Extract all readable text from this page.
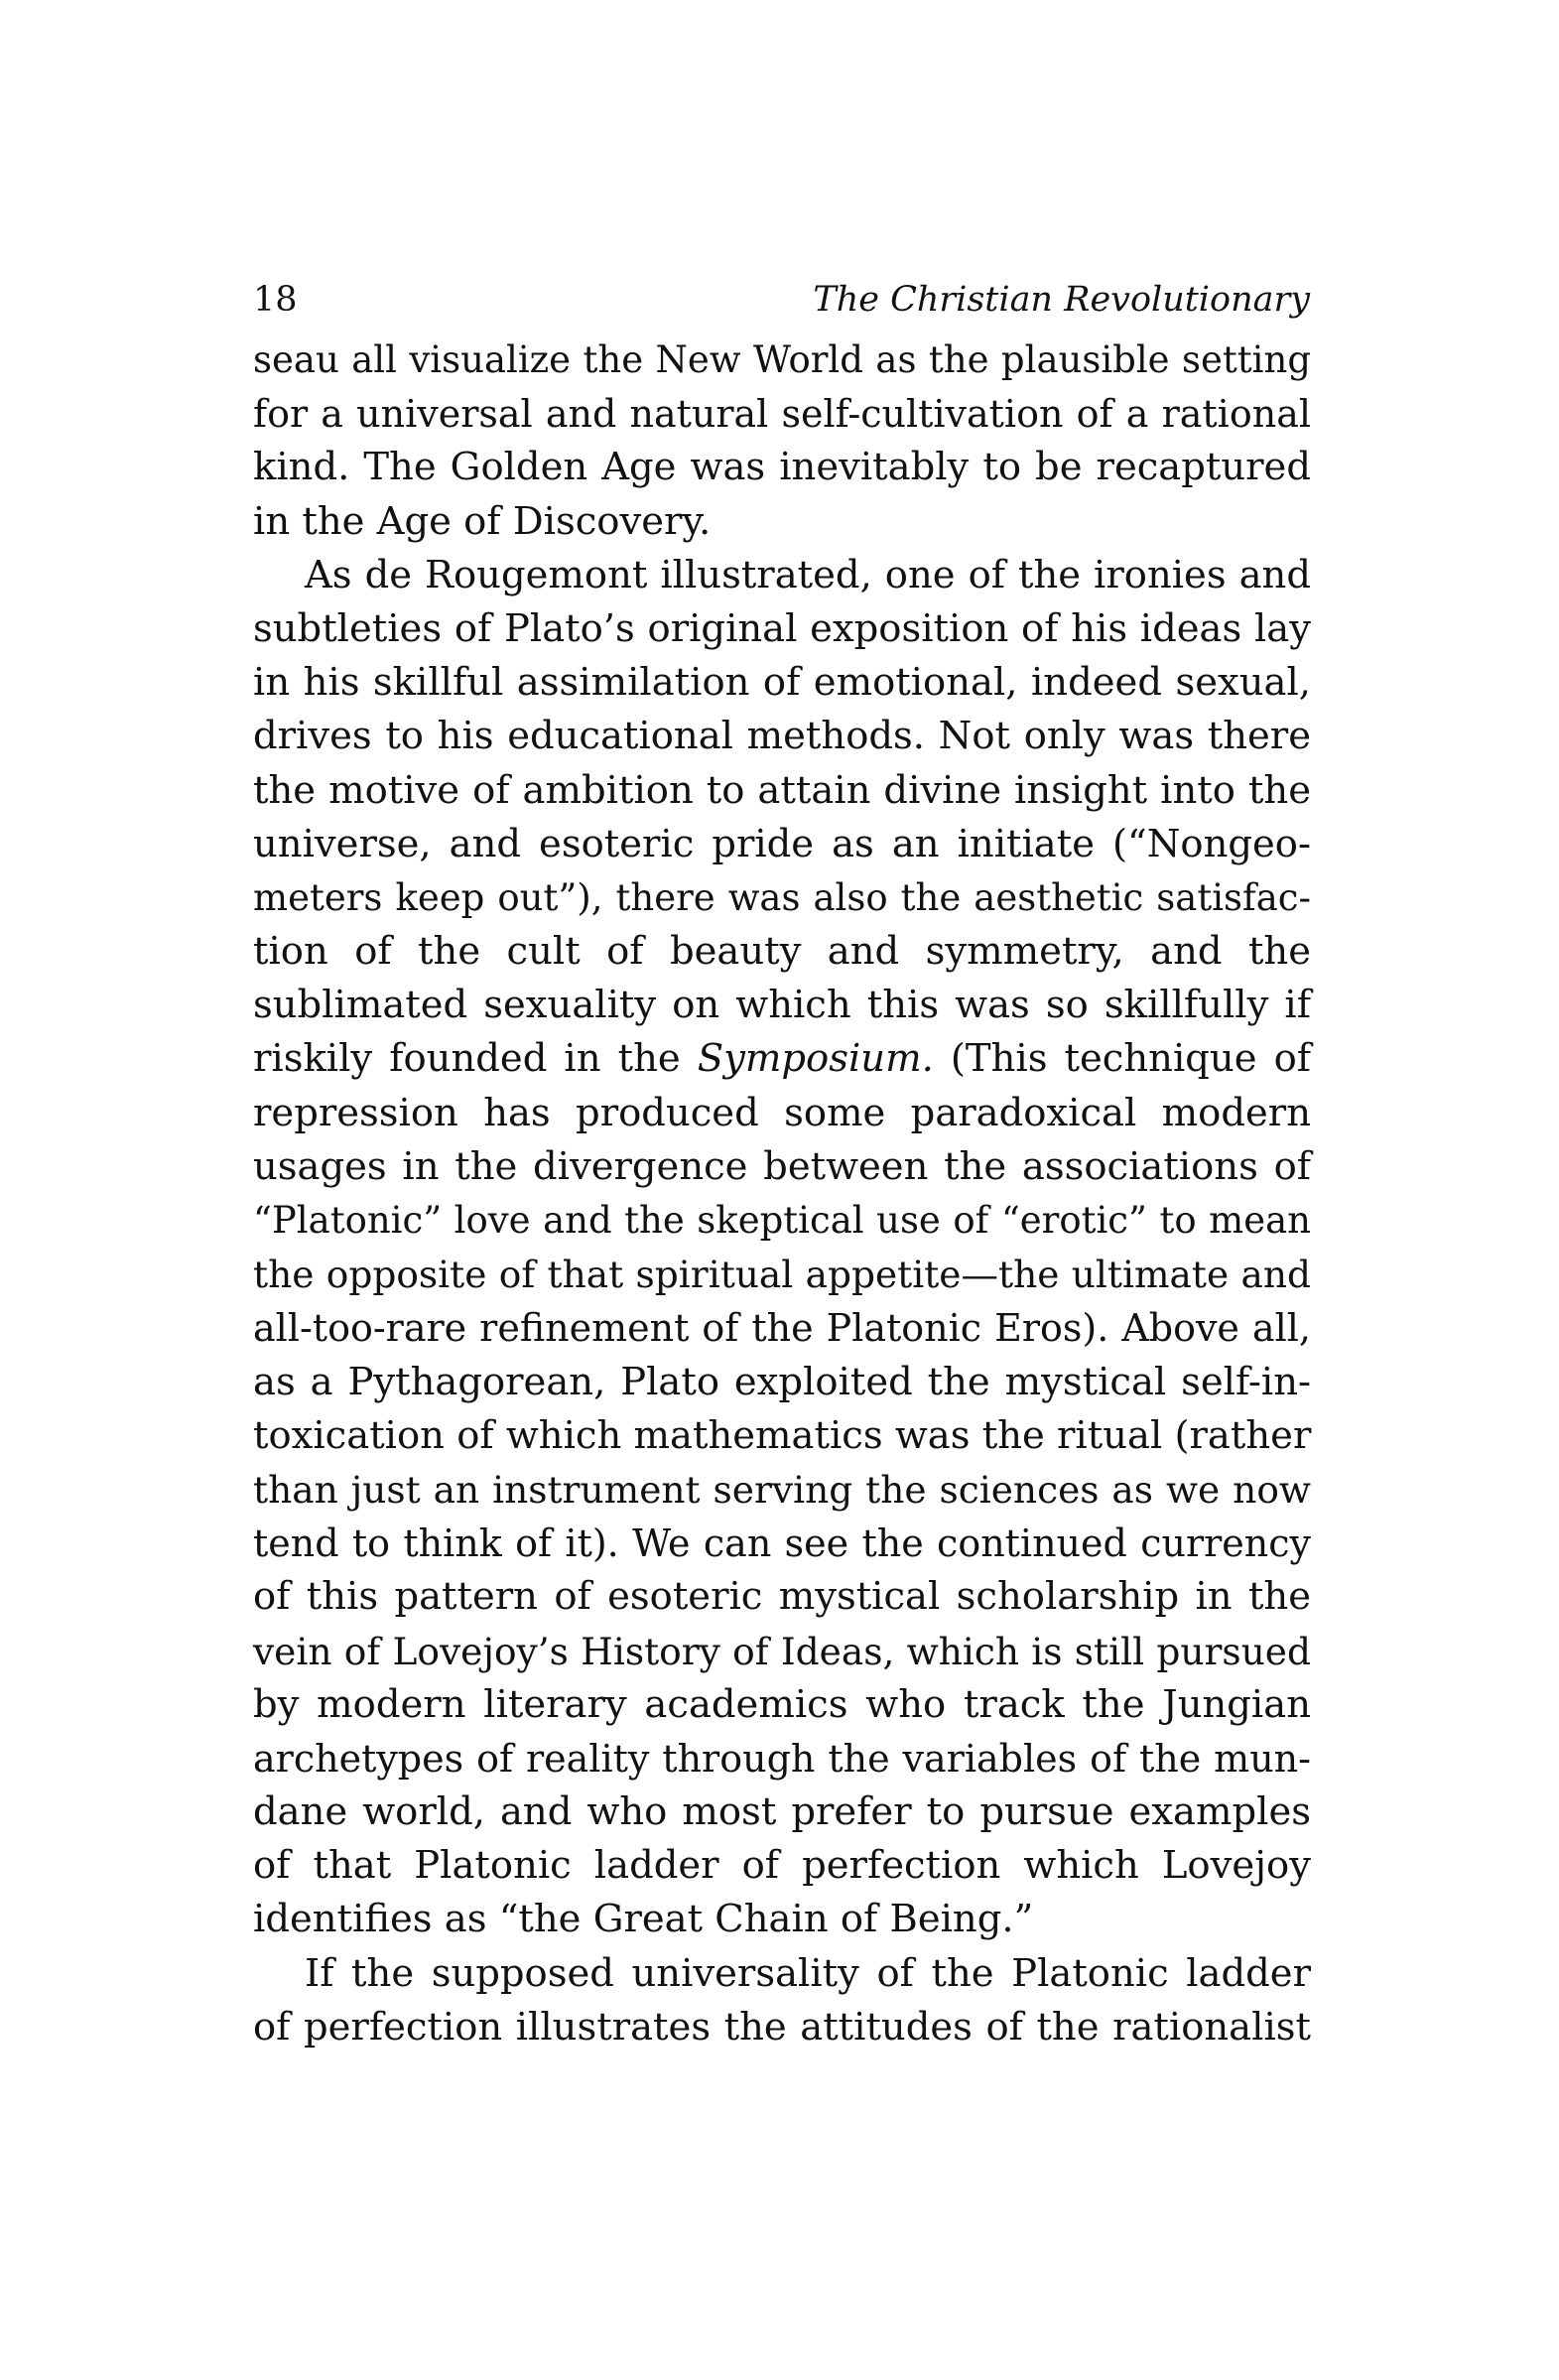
18	The Christian Revolutionary
seau all visualize the New World as the plausible setting
for a universal and natural self-cultivation of a rational
kind. The Golden Age was inevitably to be recaptured
in the Age of Discovery.
As de Rougemont illustrated, one of the ironies and
subtleties of Plato’s original exposition of his ideas lay
in his skillful assimilation of emotional, indeed sexual,
drives to his educational methods. Not only was there
the motive of ambition to attain divine insight into the
universe, and esoteric pride as an initiate (“Nongeo-
meters keep out”), there was also the aesthetic satisfac-
tion of the cult of beauty and symmetry, and the
sublimated sexuality on which this was so skillfully if
riskily founded in the Symposium. (This technique of
repression has produced some paradoxical modern
usages in the divergence between the associations of
“Platonic” love and the skeptical use of “erotic” to mean
the opposite of that spiritual appetite—the ultimate and
all-too-rare refinement of the Platonic Eros). Above all,
as a Pythagorean, Plato exploited the mystical self-in-
toxication of which mathematics was the ritual (rather
than just an instrument serving the sciences as we now
tend to think of it). We can see the continued currency
of this pattern of esoteric mystical scholarship in the
vein of Lovejoy’s History of Ideas, which is still pursued
by modern literary academics who track the Jungian
archetypes of reality through the variables of the mun-
dane world, and who most prefer to pursue examples
of that Platonic ladder of perfection which Lovejoy
identifies as “the Great Chain of Being.”
If the supposed universality of the Platonic ladder
of perfection illustrates the attitudes of the rationalist
